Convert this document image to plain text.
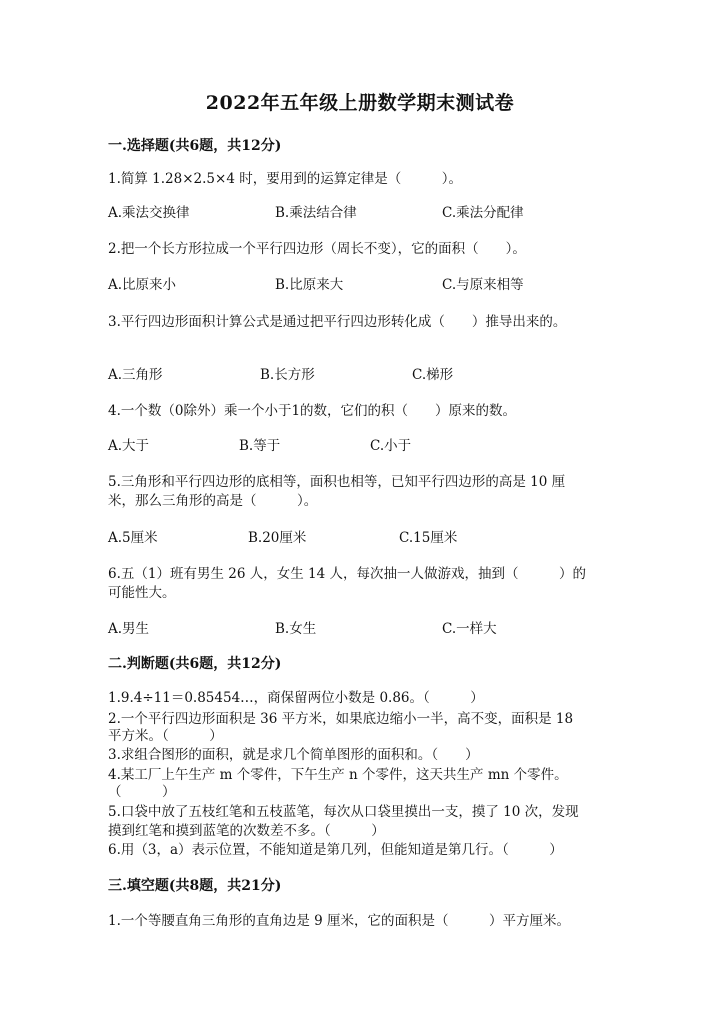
2022年五年级上册数学期末测试卷
一.选择题(共6题，共12分)
1.简算 1.28×2.5×4 时，要用到的运算定律是（　　　）。
A.乘法交换律	B.乘法结合律	C.乘法分配律
2.把一个长方形拉成一个平行四边形（周长不变），它的面积（　　）。
A.比原来小	B.比原来大	C.与原来相等
3.平行四边形面积计算公式是通过把平行四边形转化成（　　）推导出来的。
A.三角形	B.长方形	C.梯形
4.一个数（0除外）乘一个小于1的数，它们的积（　　）原来的数。
A.大于	B.等于	C.小于
5.三角形和平行四边形的底相等，面积也相等，已知平行四边形的高是 10 厘
米，那么三角形的高是（　　　）。
A.5厘米	B.20厘米	C.15厘米
6.五（1）班有男生 26 人，女生 14 人，每次抽一人做游戏，抽到（　　　）的
可能性大。
A.男生	B.女生	C.一样大
二.判断题(共6题，共12分)
1.9.4÷11＝0.85454…，商保留两位小数是 0.86。（　　　）
2.一个平行四边形面积是 36 平方米，如果底边缩小一半，高不变，面积是 18
平方米。（　　　）
3.求组合图形的面积，就是求几个简单图形的面积和。（　　）
4.某工厂上午生产 m 个零件，下午生产 n 个零件，这天共生产 mn 个零件。
（　　　）
5.口袋中放了五枝红笔和五枝蓝笔，每次从口袋里摸出一支，摸了 10 次，发现
摸到红笔和摸到蓝笔的次数差不多。（　　　）
6.用（3，a）表示位置，不能知道是第几列，但能知道是第几行。（　　　）
三.填空题(共8题，共21分)
1.一个等腰直角三角形的直角边是 9 厘米，它的面积是（　　　）平方厘米。
